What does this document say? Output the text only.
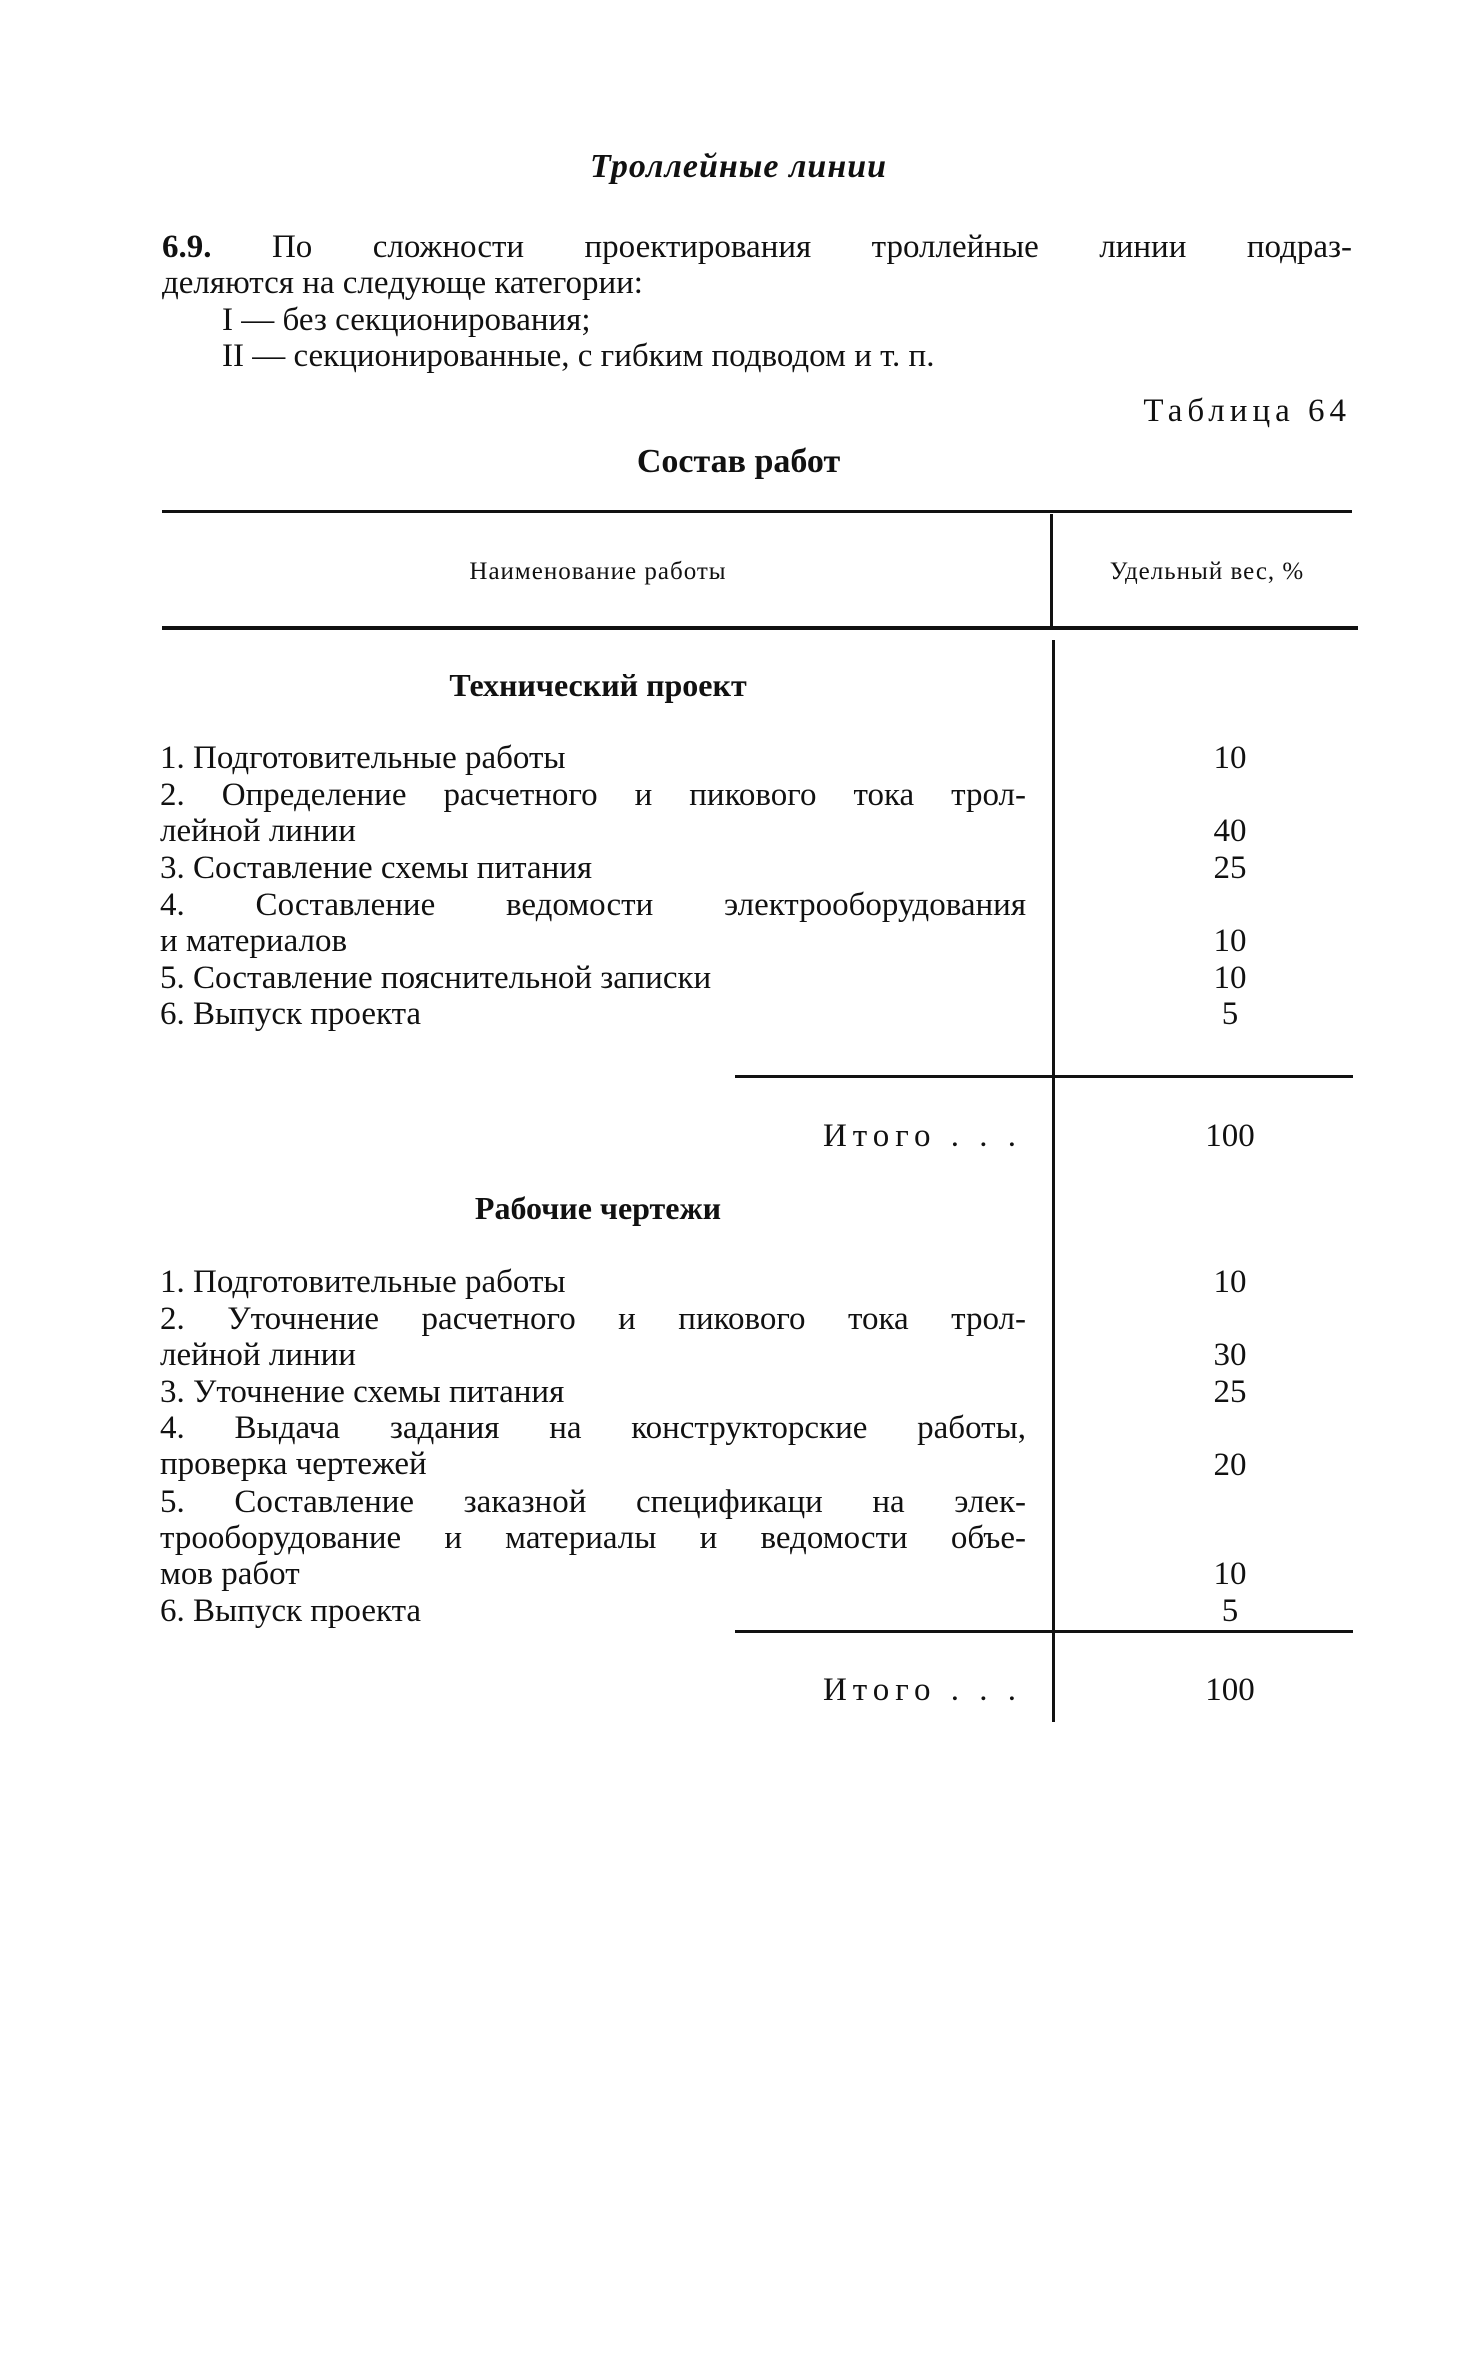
Троллейные линии
6.9. По сложности проектирования троллейные линии подраз-
деляются на следующе категории:
I — без секционирования;
II — секционированные, с гибким подводом и т. п.
Таблица 64
Состав работ
Наименование работы	Удельный вес, %
Технический проект
1. Подготовительные работы	10
2. Определение расчетного и пикового тока трол-
лейной линии	40
3. Составление схемы питания	25
4. Составление ведомости электрооборудования
и материалов	10
5. Составление пояснительной записки	10
6. Выпуск проекта	5
Итого . . .	100
Рабочие чертежи
1. Подготовительные работы	10
2. Уточнение расчетного и пикового тока трол-
лейной линии	30
3. Уточнение схемы питания	25
4. Выдача задания на конструкторские работы,
проверка чертежей	20
5. Составление заказной спецификаци на элек-
трооборудование и материалы и ведомости объе-
мов работ	10
6. Выпуск проекта	5
Итого . . .	100
